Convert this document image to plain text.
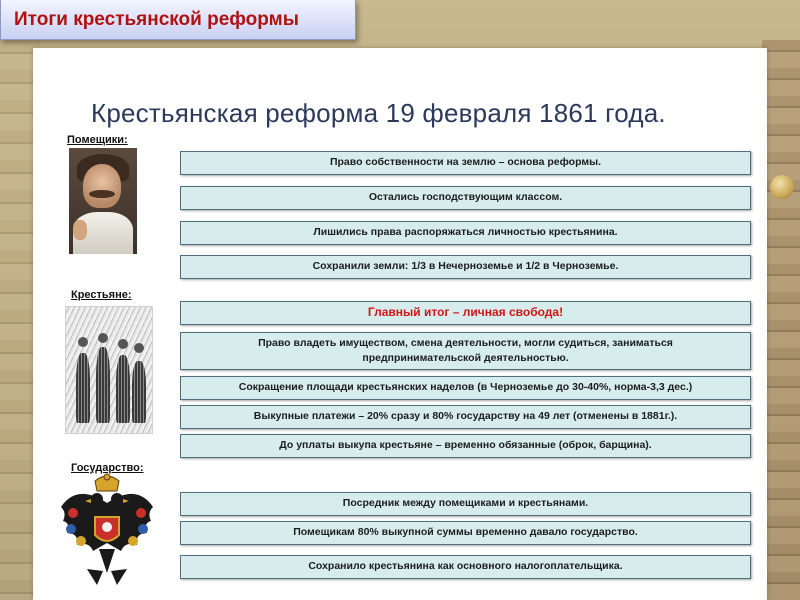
Итоги крестьянской реформы
Крестьянская реформа 19 февраля 1861 года.
Помещики:
Право собственности на землю – основа реформы.
Остались господствующим классом.
Лишились права распоряжаться личностью крестьянина.
Сохранили земли: 1/3 в Нечерноземье и 1/2 в Черноземье.
Крестьяне:
Главный итог – личная свобода!
Право владеть имуществом, смена деятельности, могли судиться, заниматься предпринимательской деятельностью.
Сокращение площади крестьянских наделов (в Черноземье до 30-40%, норма-3,3 дес.)
Выкупные платежи – 20% сразу и 80% государству на 49 лет (отменены в 1881г.).
До уплаты выкупа крестьяне – временно обязанные (оброк, барщина).
Государство:
Посредник между помещиками и крестьянами.
Помещикам 80% выкупной суммы временно давало государство.
Сохранило крестьянина как основного налогоплательщика.
